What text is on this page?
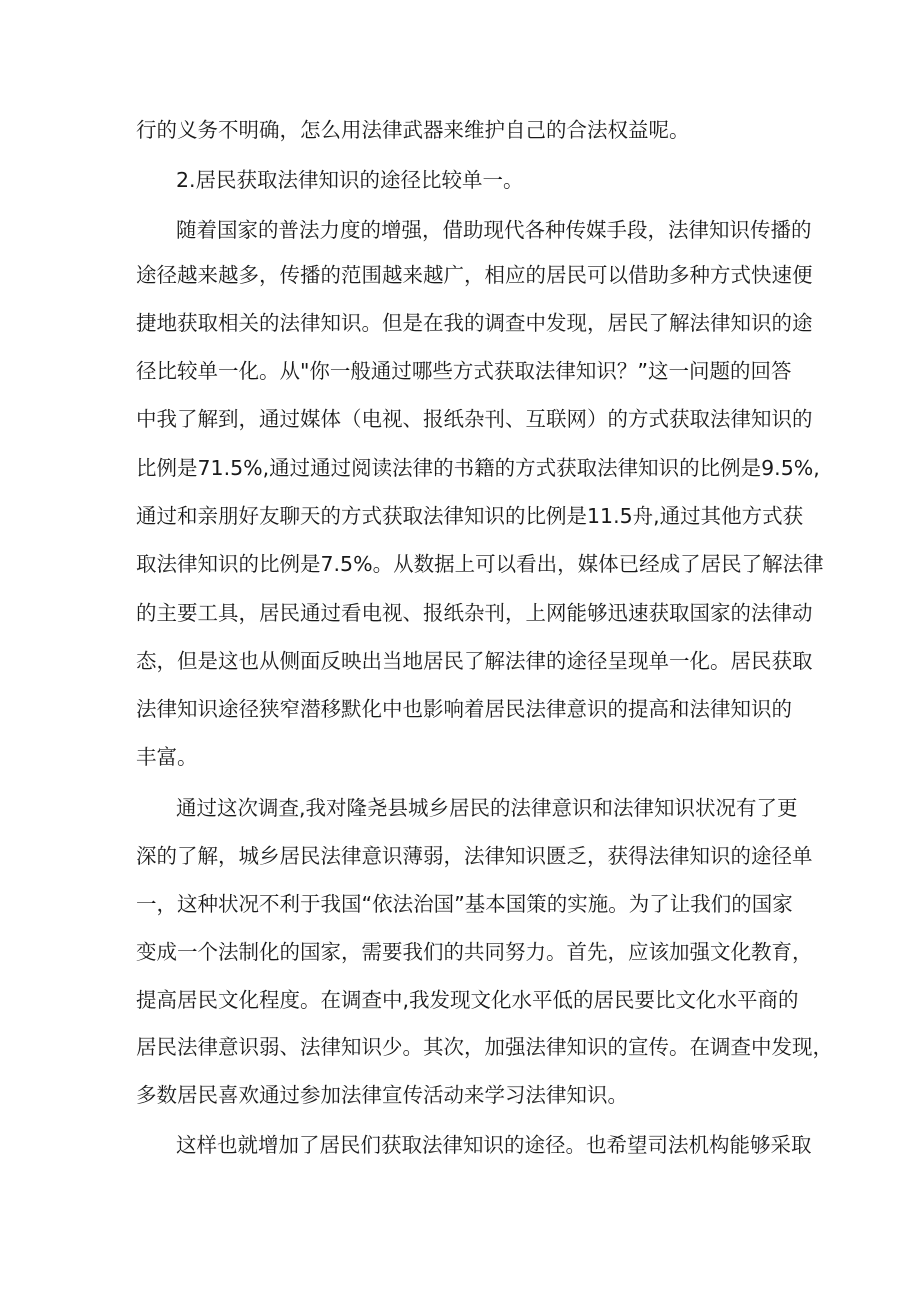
行的义务不明确，怎么用法律武器来维护自己的合法权益呢。
2.居民获取法律知识的途径比较单一。
随着国家的普法力度的增强，借助现代各种传媒手段，法律知识传播的
途径越来越多，传播的范围越来越广，相应的居民可以借助多种方式快速便
捷地获取相关的法律知识。但是在我的调查中发现，居民了解法律知识的途
径比较单一化。从"你一般通过哪些方式获取法律知识？”这一问题的回答
中我了解到，通过媒体（电视、报纸杂刊、互联网）的方式获取法律知识的
比例是71.5%,通过通过阅读法律的书籍的方式获取法律知识的比例是9.5%,
通过和亲朋好友聊天的方式获取法律知识的比例是11.5舟,通过其他方式获
取法律知识的比例是7.5%。从数据上可以看出，媒体已经成了居民了解法律
的主要工具，居民通过看电视、报纸杂刊，上网能够迅速获取国家的法律动
态，但是这也从侧面反映出当地居民了解法律的途径呈现单一化。居民获取
法律知识途径狭窄潜移默化中也影响着居民法律意识的提高和法律知识的
丰富。
通过这次调查,我对隆尧县城乡居民的法律意识和法律知识状况有了更
深的了解，城乡居民法律意识薄弱，法律知识匮乏，获得法律知识的途径单
一，这种状况不利于我国“依法治国”基本国策的实施。为了让我们的国家
变成一个法制化的国家，需要我们的共同努力。首先，应该加强文化教育，
提高居民文化程度。在调查中,我发现文化水平低的居民要比文化水平商的
居民法律意识弱、法律知识少。其次，加强法律知识的宣传。在调查中发现，
多数居民喜欢通过参加法律宣传活动来学习法律知识。
这样也就增加了居民们获取法律知识的途径。也希望司法机构能够采取
